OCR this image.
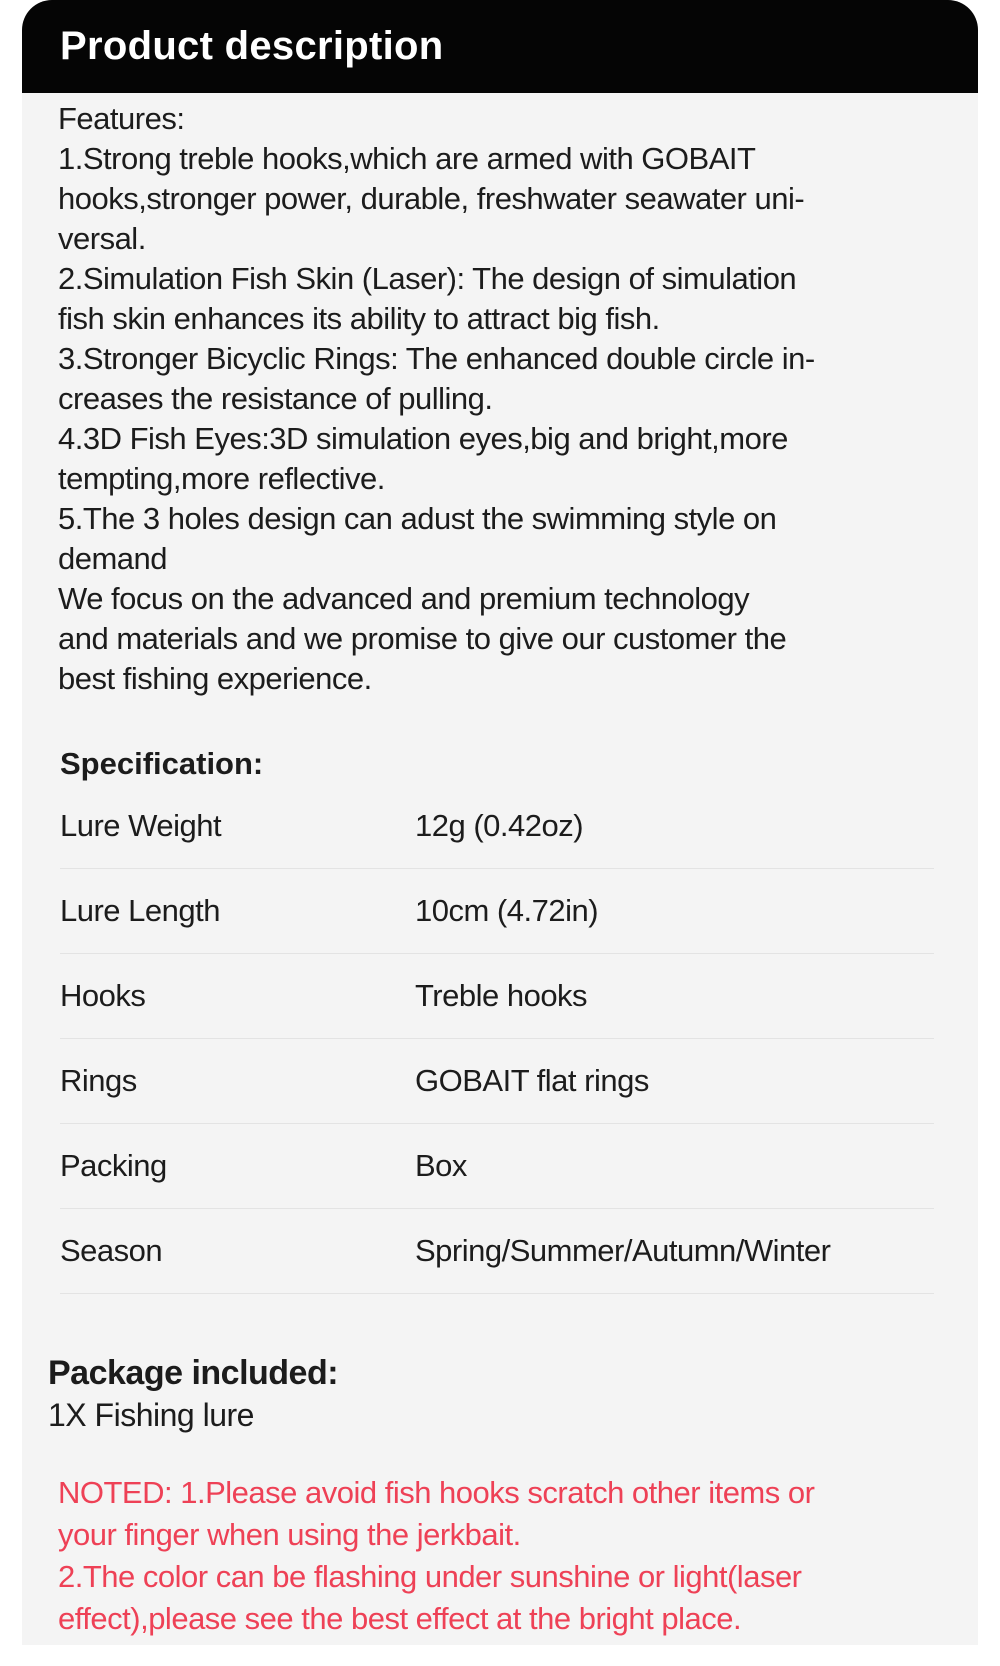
Product description
Features:
1.Strong treble hooks,which are armed with GOBAIT
hooks,stronger power, durable, freshwater seawater uni-
versal.
2.Simulation Fish Skin (Laser): The design of simulation
fish skin enhances its ability to attract big fish.
3.Stronger Bicyclic Rings: The enhanced double circle in-
creases the resistance of pulling.
4.3D Fish Eyes:3D simulation eyes,big and bright,more
tempting,more reflective.
5.The 3 holes design can adust the swimming style on
demand
We focus on the advanced and premium technology
and materials and we promise to give our customer the
best fishing experience.
Specification:
Lure Weight	12g (0.42oz)
Lure Length	10cm (4.72in)
Hooks	Treble hooks
Rings	GOBAIT flat rings
Packing	Box
Season	Spring/Summer/Autumn/Winter
Package included:
1X Fishing lure
NOTED: 1.Please avoid fish hooks scratch other items or
your finger when using the jerkbait.
2.The color can be flashing under sunshine or light(laser
effect),please see the best effect at the bright place.
